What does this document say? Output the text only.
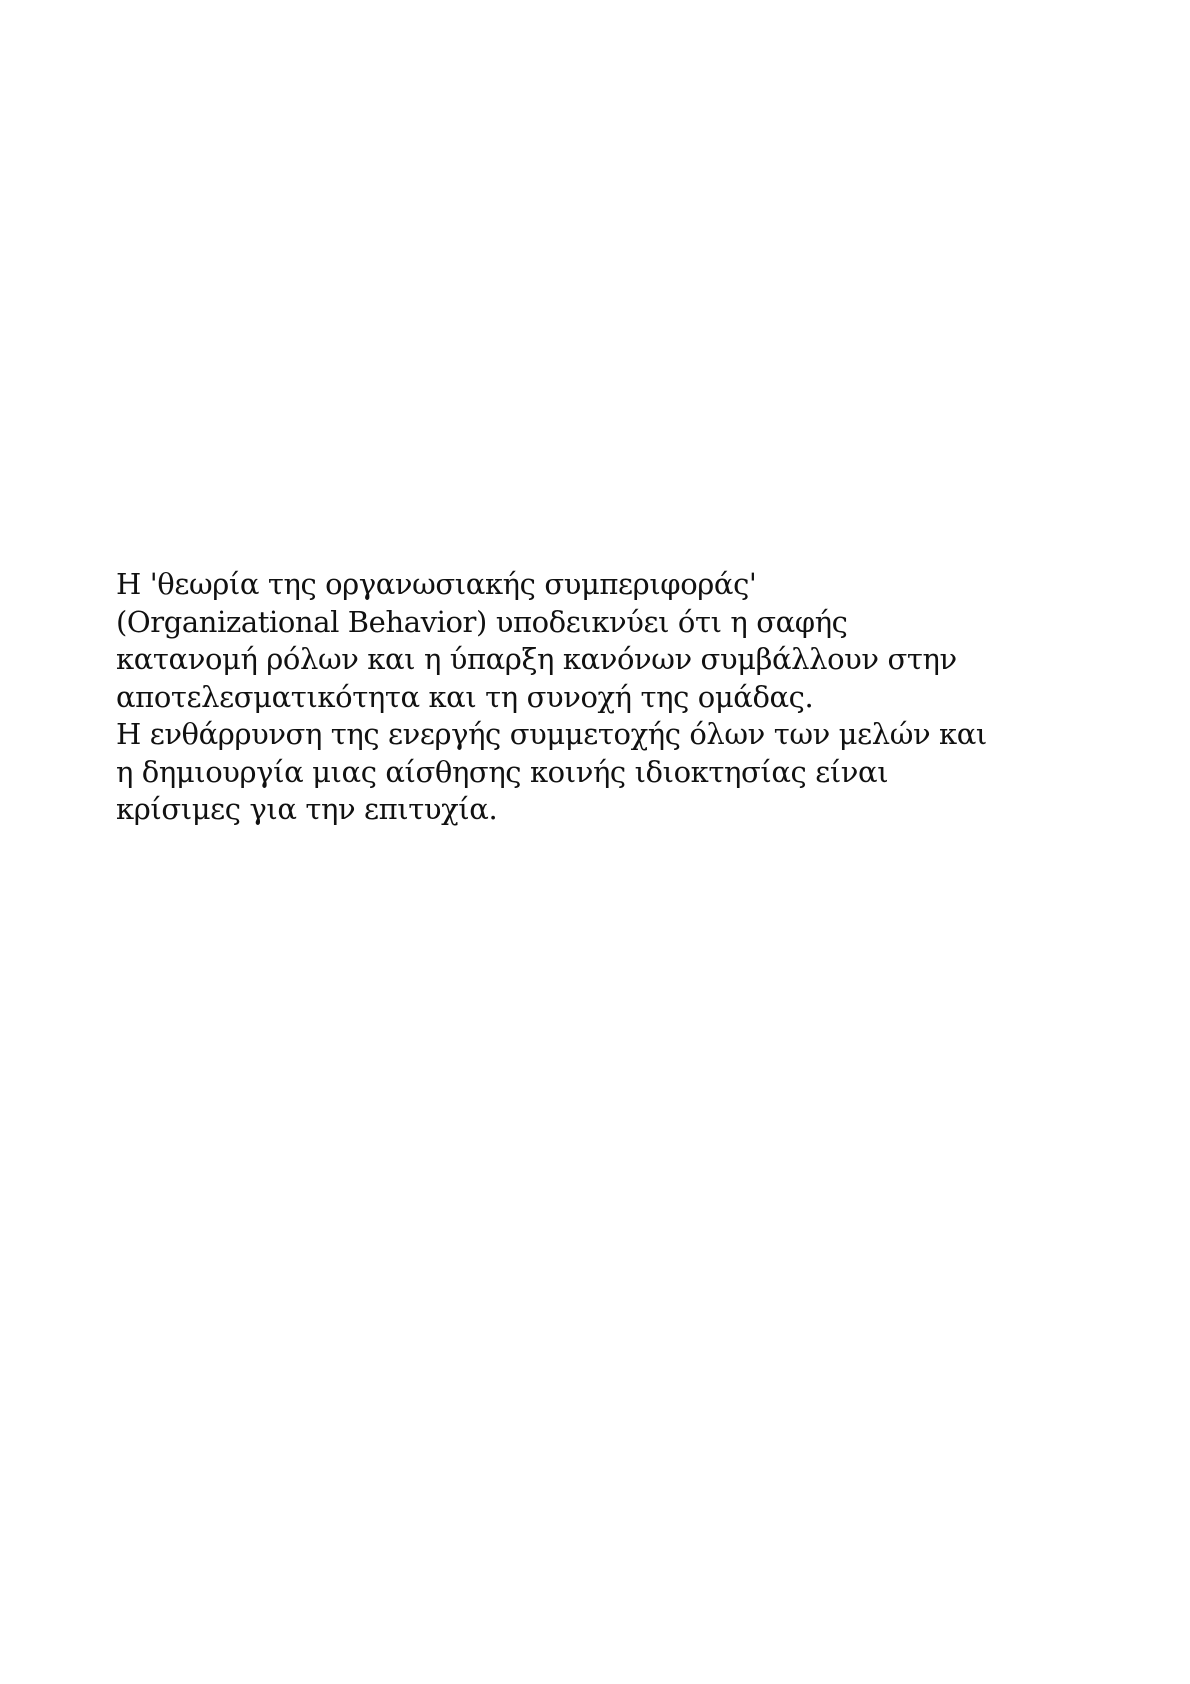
Η 'θεωρία της οργανωσιακής συμπεριφοράς'
(Organizational Behavior) υποδεικνύει ότι η σαφής
κατανομή ρόλων και η ύπαρξη κανόνων συμβάλλουν στην
αποτελεσματικότητα και τη συνοχή της ομάδας.
Η ενθάρρυνση της ενεργής συμμετοχής όλων των μελών και
η δημιουργία μιας αίσθησης κοινής ιδιοκτησίας είναι
κρίσιμες για την επιτυχία.
